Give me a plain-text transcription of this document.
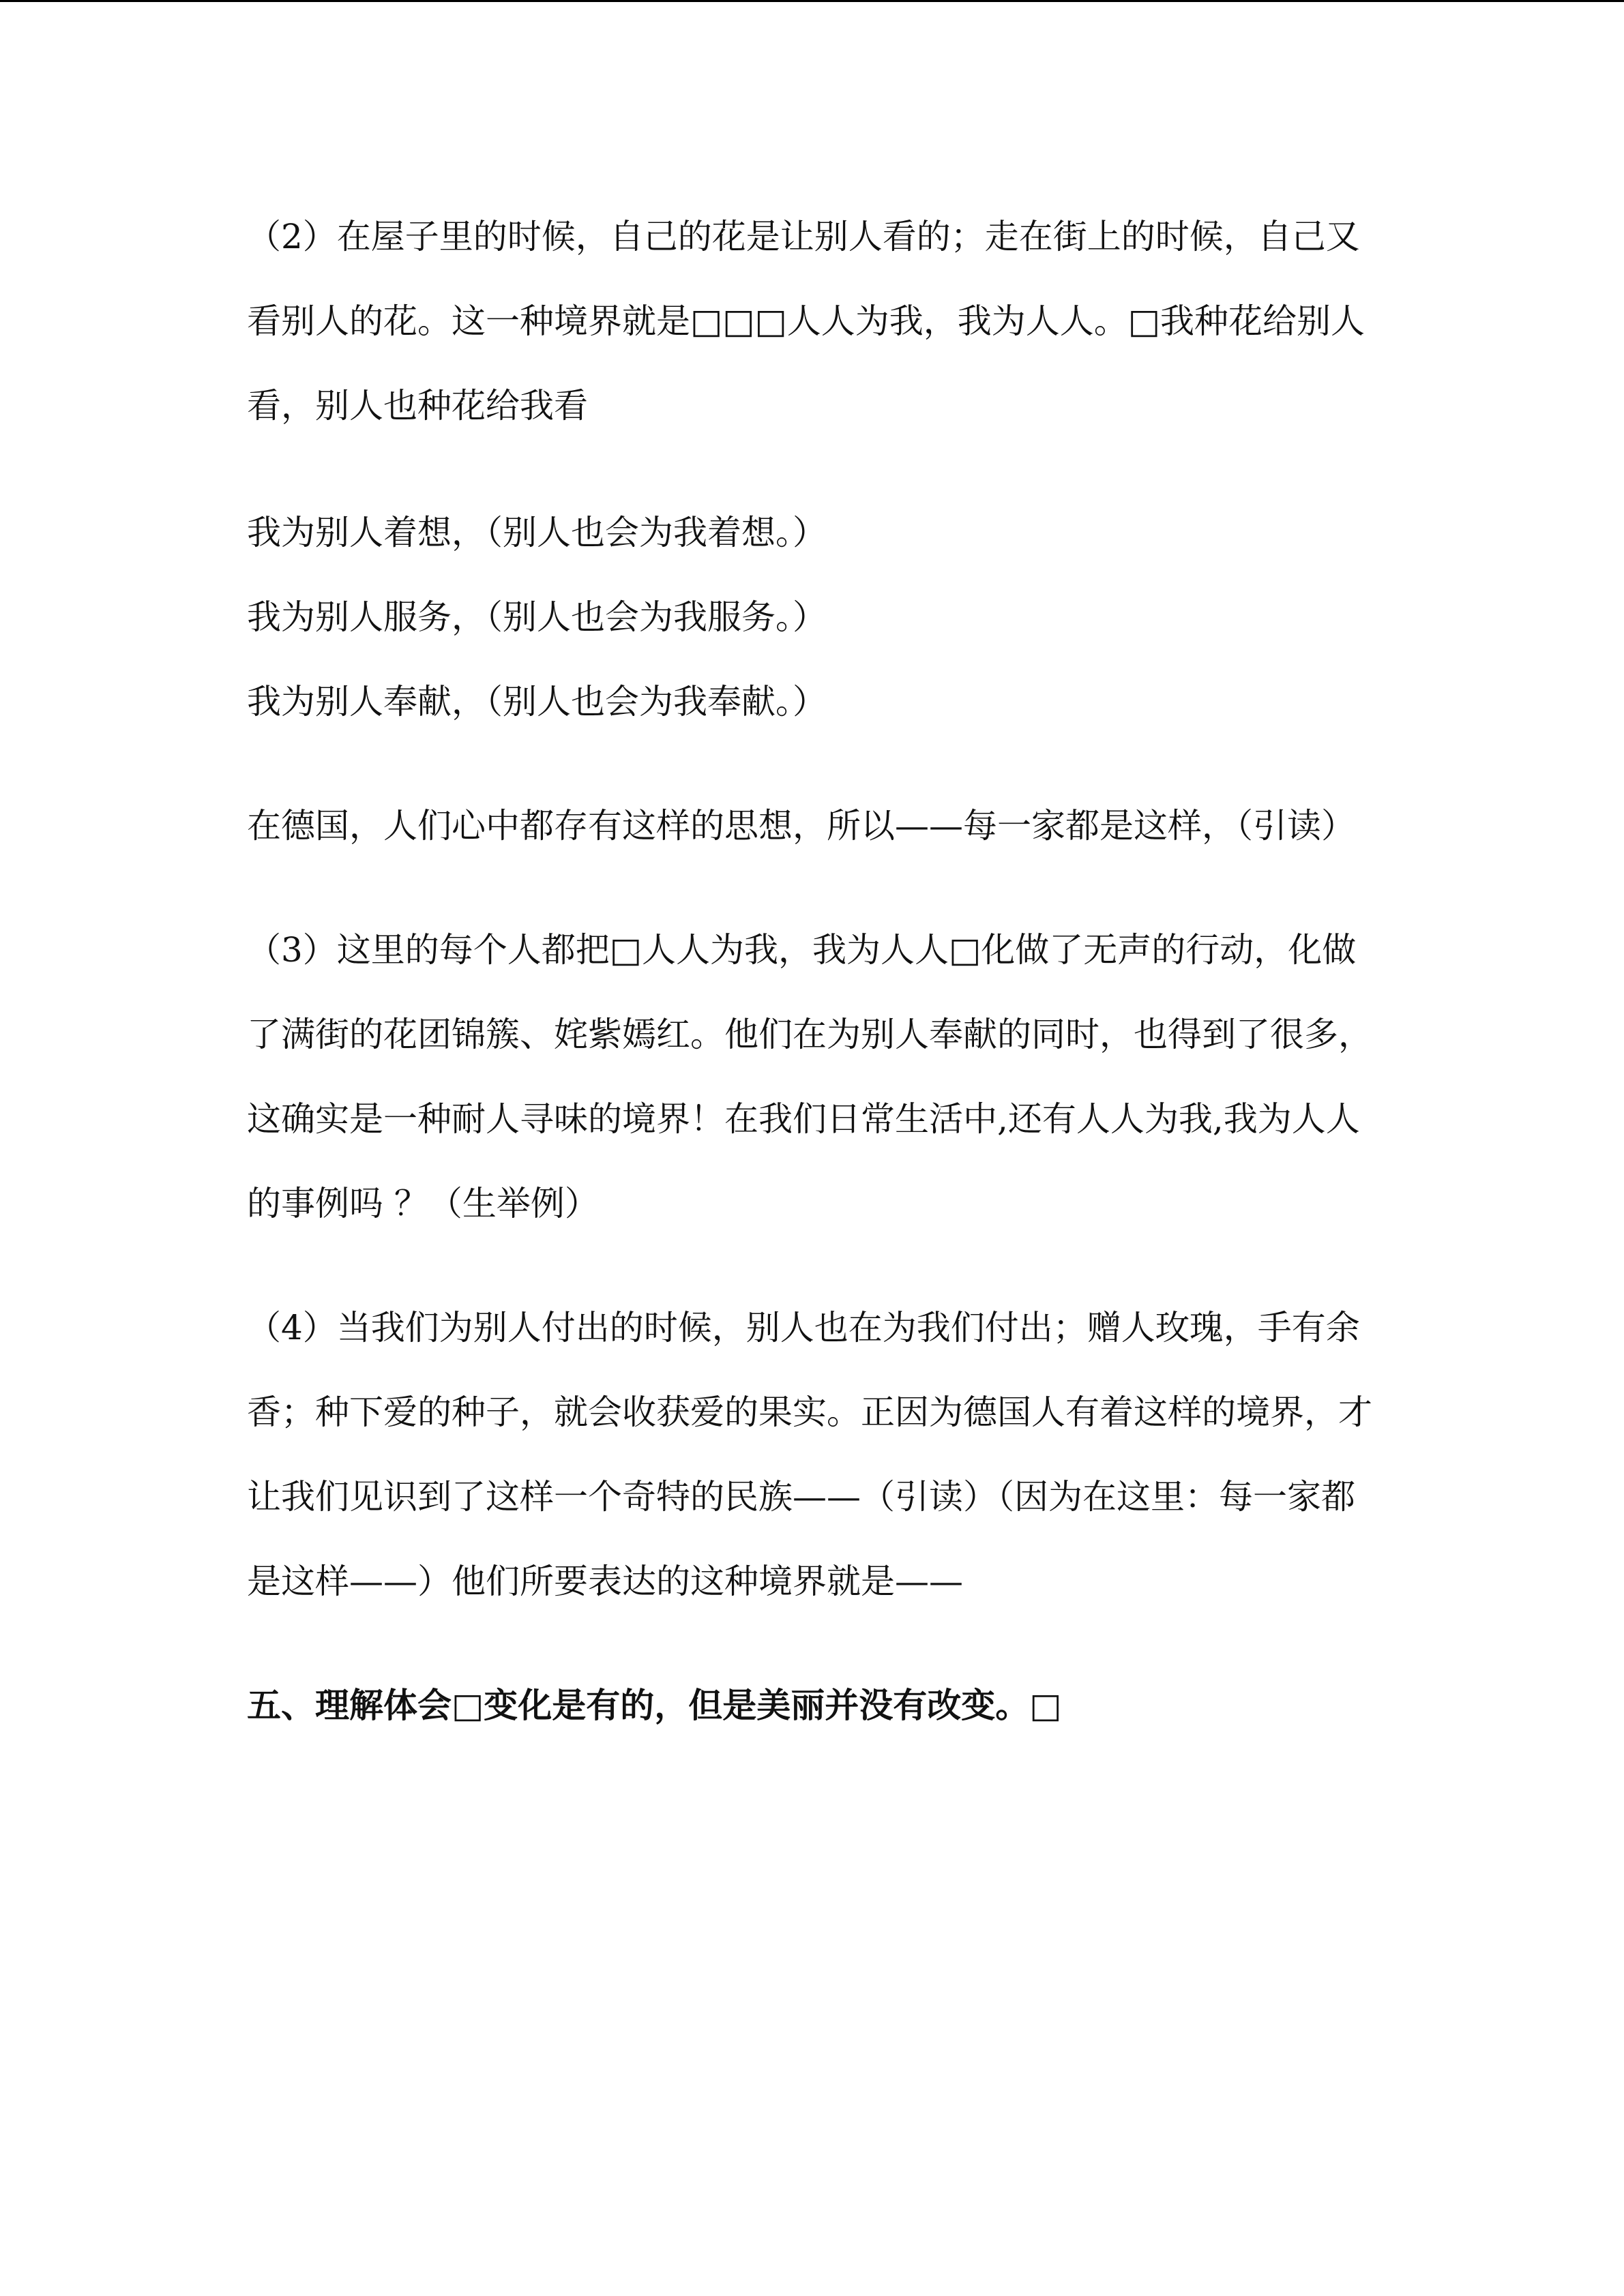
（2）在屋子里的时候，自己的花是让别人看的；走在街上的时候，自己又看别人的花。这一种境界就是□□□人人为我，我为人人。□我种花给别人看，别人也种花给我看

我为别人着想，（别人也会为我着想。）

我为别人服务，（别人也会为我服务。）

我为别人奉献，（别人也会为我奉献。）

在德国，人们心中都存有这样的思想，所以——每一家都是这样，（引读）

（3）这里的每个人都把□人人为我，我为人人□化做了无声的行动，化做了满街的花团锦簇、姹紫嫣红。他们在为别人奉献的同时，也得到了很多，这确实是一种耐人寻味的境界！在我们日常生活中,还有人人为我,我为人人的事例吗 ？（生举例）

（4）当我们为别人付出的时候，别人也在为我们付出；赠人玫瑰，手有余香；种下爱的种子，就会收获爱的果实。正因为德国人有着这样的境界，才让我们见识到了这样一个奇特的民族——（引读）（因为在这里：每一家都是这样——）他们所要表达的这种境界就是——

五、理解体会□变化是有的，但是美丽并没有改变。□
